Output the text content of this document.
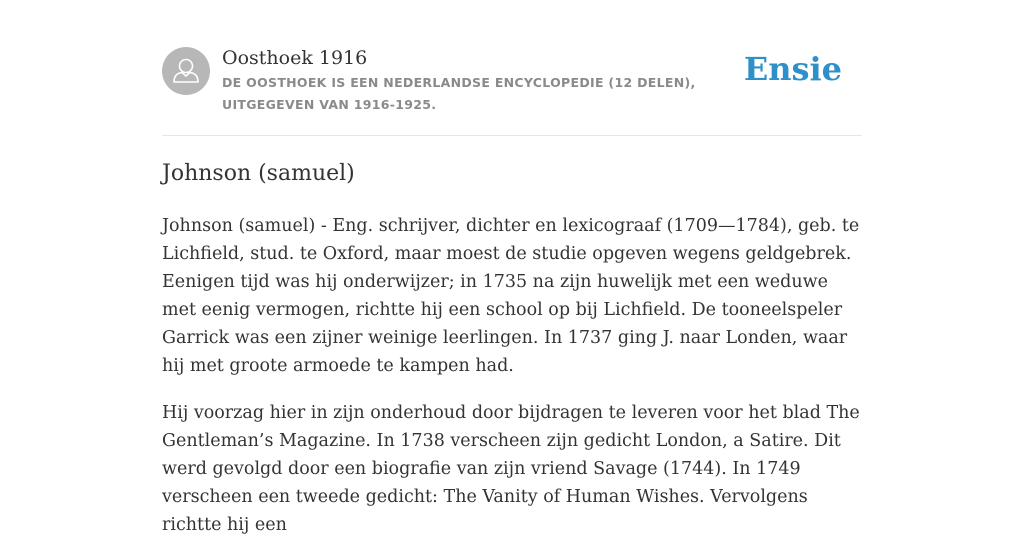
Oosthoek 1916
DE OOSTHOEK IS EEN NEDERLANDSE ENCYCLOPEDIE (12 DELEN), UITGEGEVEN VAN 1916-1925.
Ensie
Johnson (samuel)

Johnson (samuel) - Eng. schrijver, dichter en lexicograaf (1709—1784), geb. te Lichfield, stud. te Oxford, maar moest de studie opgeven wegens geldgebrek. Eenigen tijd was hij onderwijzer; in 1735 na zijn huwelijk met een weduwe met eenig vermogen, richtte hij een school op bij Lichfield. De tooneelspeler Garrick was een zijner weinige leerlingen. In 1737 ging J. naar Londen, waar hij met groote armoede te kampen had.

Hij voorzag hier in zijn onderhoud door bijdragen te leveren voor het blad The Gentleman’s Magazine. In 1738 verscheen zijn gedicht London, a Satire. Dit werd gevolgd door een biografie van zijn vriend Savage (1744). In 1749 verscheen een tweede gedicht: The Vanity of Human Wishes. Vervolgens richtte hij een
